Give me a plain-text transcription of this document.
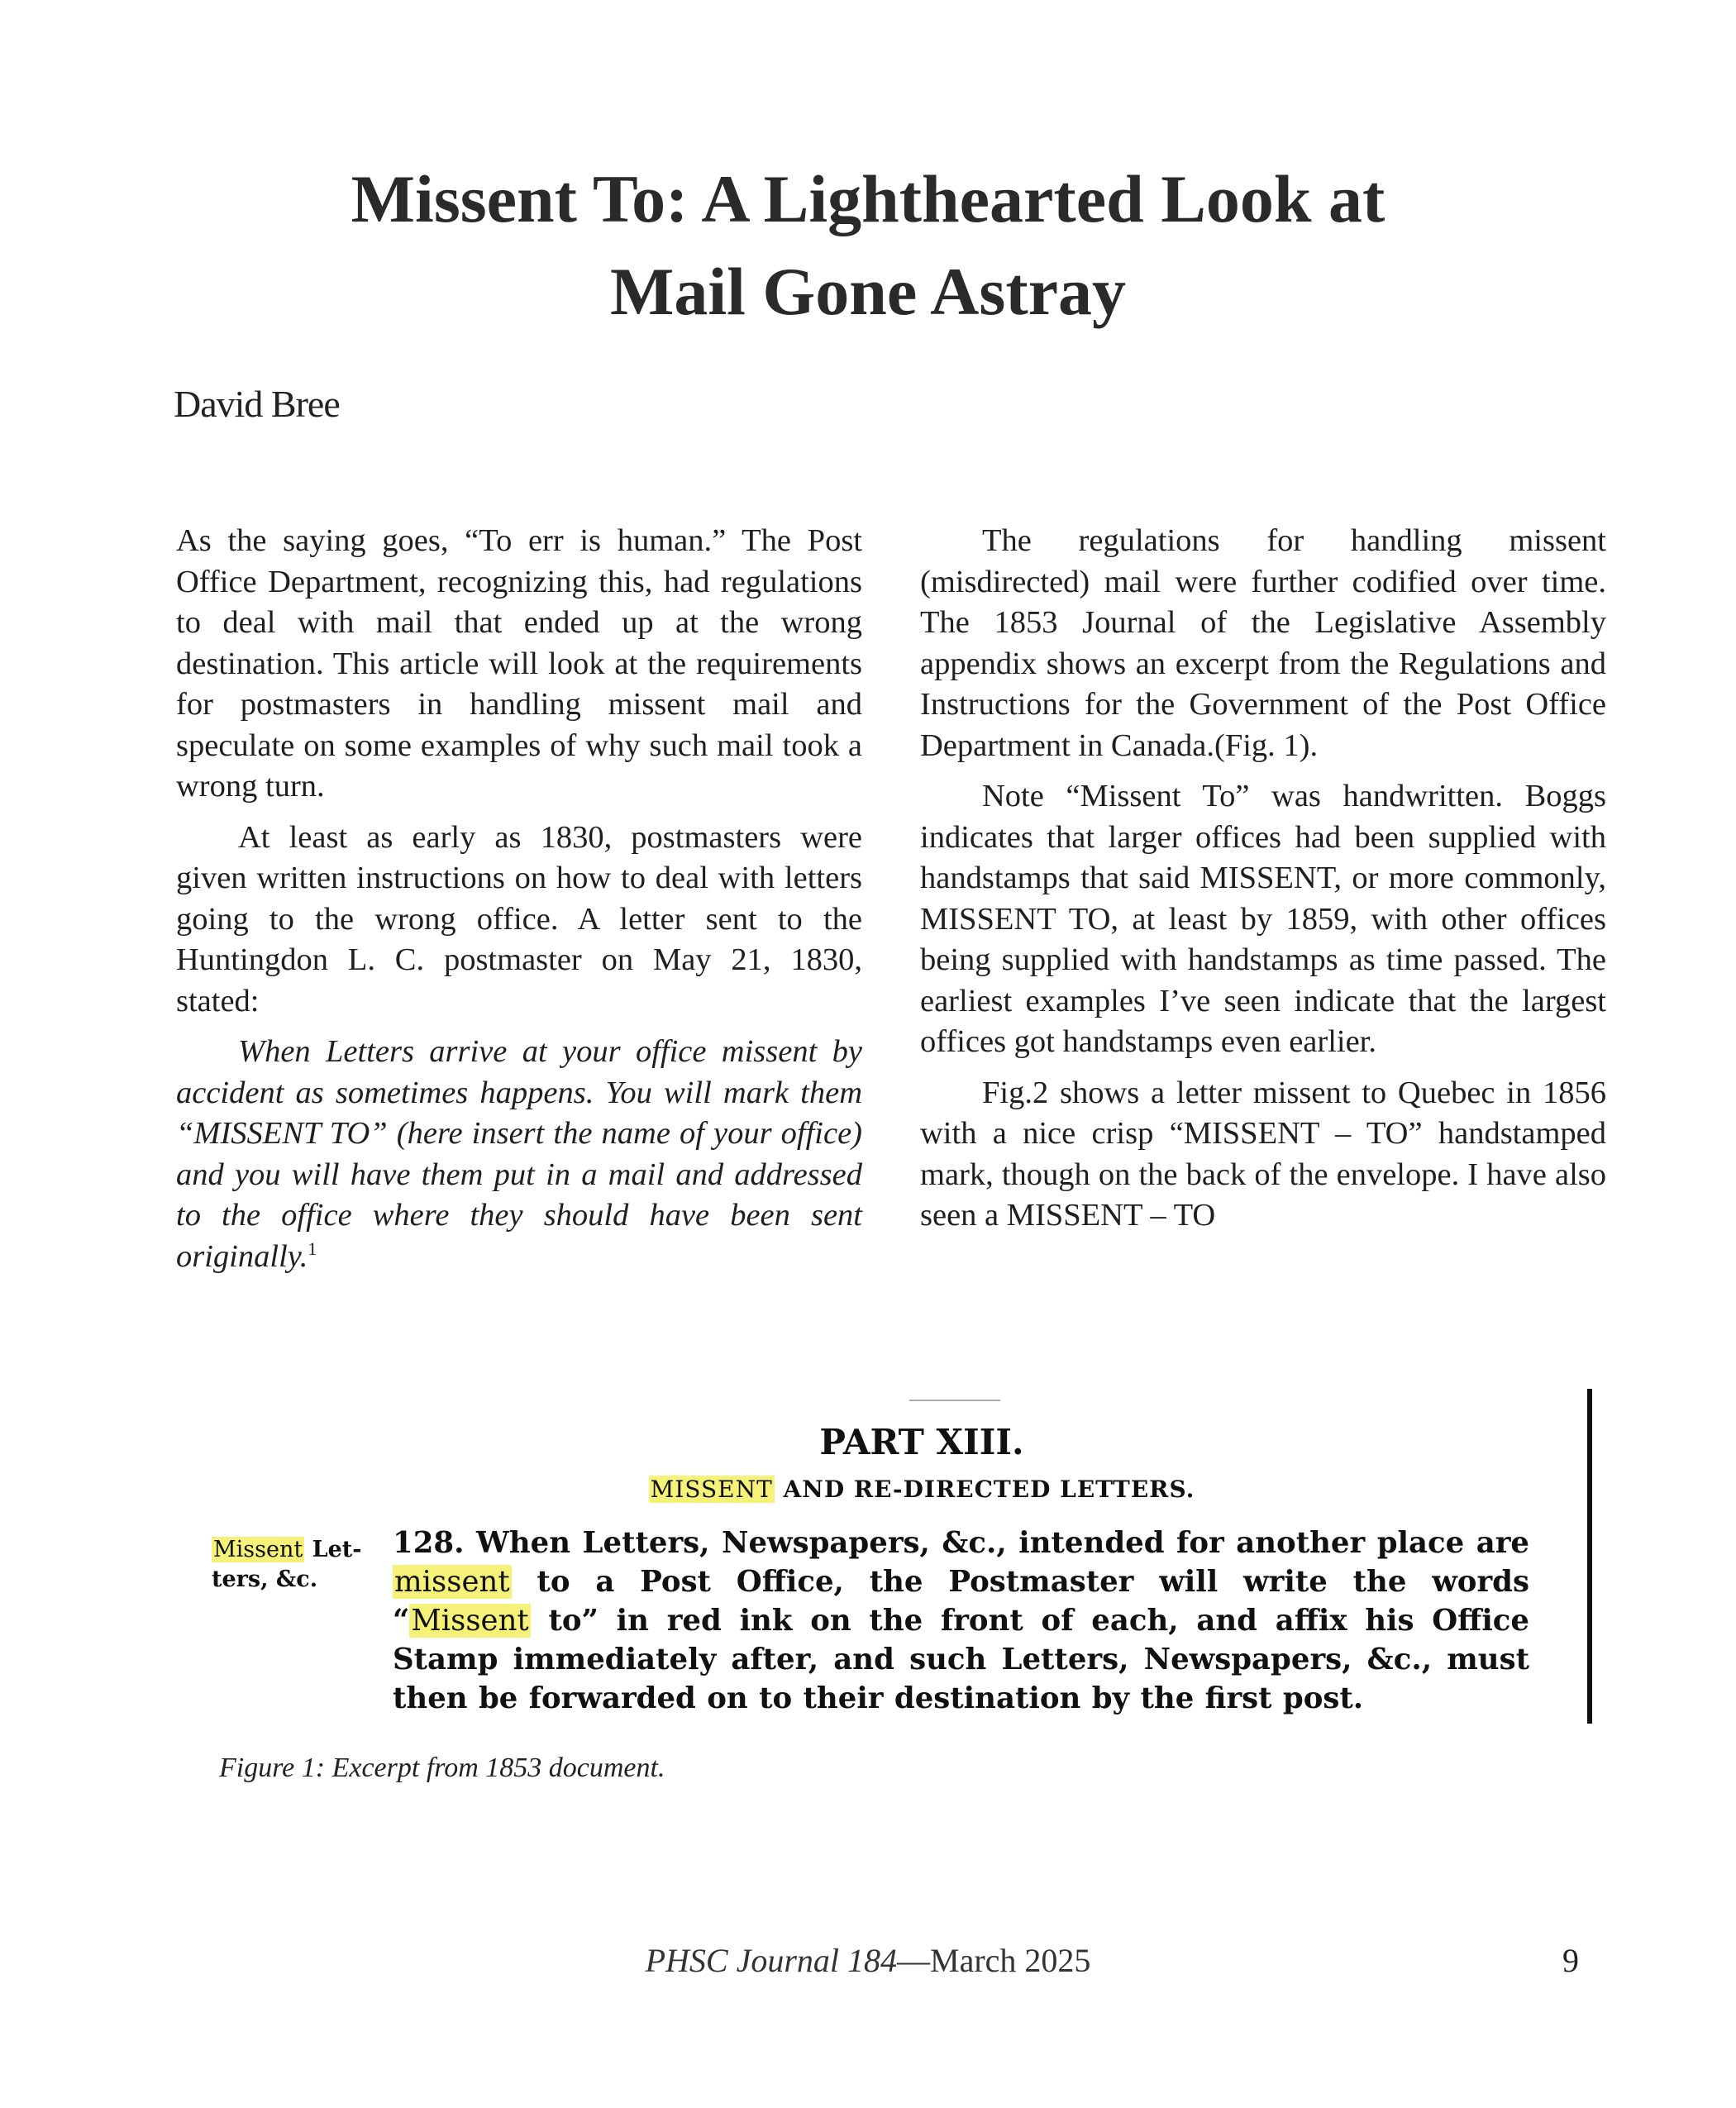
Missent To: A Lighthearted Look at
Mail Gone Astray
David Bree

As the saying goes, “To err is human.” The Post Office Department, recognizing this, had regulations to deal with mail that ended up at the wrong destination. This article will look at the requirements for postmasters in handling missent mail and speculate on some examples of why such mail took a wrong turn.

At least as early as 1830, postmasters were given written instructions on how to deal with letters going to the wrong office. A letter sent to the Huntingdon L. C. postmaster on May 21, 1830, stated:

When Letters arrive at your office missent by accident as sometimes happens. You will mark them “MISSENT TO” (here insert the name of your office) and you will have them put in a mail and addressed to the office where they should have been sent originally.$^1$

The regulations for handling missent (misdirected) mail were further codified over time. The 1853 Journal of the Legislative Assembly appendix shows an excerpt from the Regulations and Instructions for the Government of the Post Office Department in Canada.(Fig. 1).

Note “Missent To” was handwritten. Boggs indicates that larger offices had been supplied with handstamps that said MISSENT, or more commonly, MISSENT TO, at least by 1859, with other offices being supplied with handstamps as time passed. The earliest examples I’ve seen indicate that the largest offices got handstamps even earlier.

Fig.2 shows a letter missent to Quebec in 1856 with a nice crisp “MISSENT – TO” handstamped mark, though on the back of the envelope. I have also seen a MISSENT – TO

PART XIII.
MISSENT AND RE-DIRECTED LETTERS.
Missent Let-
ters, &c.
128. When Letters, Newspapers, &c., intended for another place are missent to a Post Office, the Postmaster will write the words “Missent to” in red ink on the front of each, and affix his Office Stamp immediately after, and such Letters, Newspapers, &c., must then be forwarded on to their destination by the first post.
Figure 1: Excerpt from 1853 document.
PHSC Journal 184—March 2025	9
